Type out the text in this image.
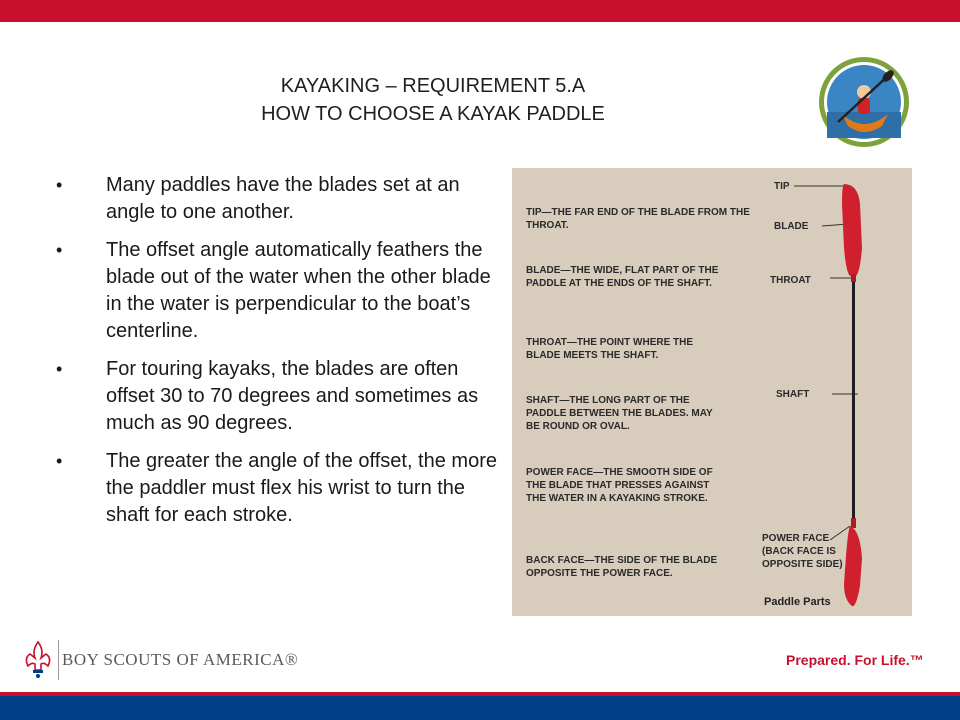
KAYAKING – REQUIREMENT 5.A
HOW TO CHOOSE A KAYAK PADDLE
• Many paddles have the blades set at an angle to one another.
• The offset angle automatically feathers the blade out of the water when the other blade in the water is perpendicular to the boat’s centerline.
• For touring kayaks, the blades are often offset 30 to 70 degrees and sometimes as much as 90 degrees.
• The greater the angle of the offset, the more the paddler must flex his wrist to turn the shaft for each stroke.
TIP—THE FAR END OF THE BLADE FROM THE THROAT.
BLADE—THE WIDE, FLAT PART OF THE PADDLE AT THE ENDS OF THE SHAFT.
THROAT—THE POINT WHERE THE BLADE MEETS THE SHAFT.
SHAFT—THE LONG PART OF THE PADDLE BETWEEN THE BLADES. MAY BE ROUND OR OVAL.
POWER FACE—THE SMOOTH SIDE OF THE BLADE THAT PRESSES AGAINST THE WATER IN A KAYAKING STROKE.
BACK FACE—THE SIDE OF THE BLADE OPPOSITE THE POWER FACE.
TIP
BLADE
THROAT
SHAFT
POWER FACE (BACK FACE IS OPPOSITE SIDE)
Paddle Parts
BOY SCOUTS OF AMERICA®	Prepared. For Life.™
